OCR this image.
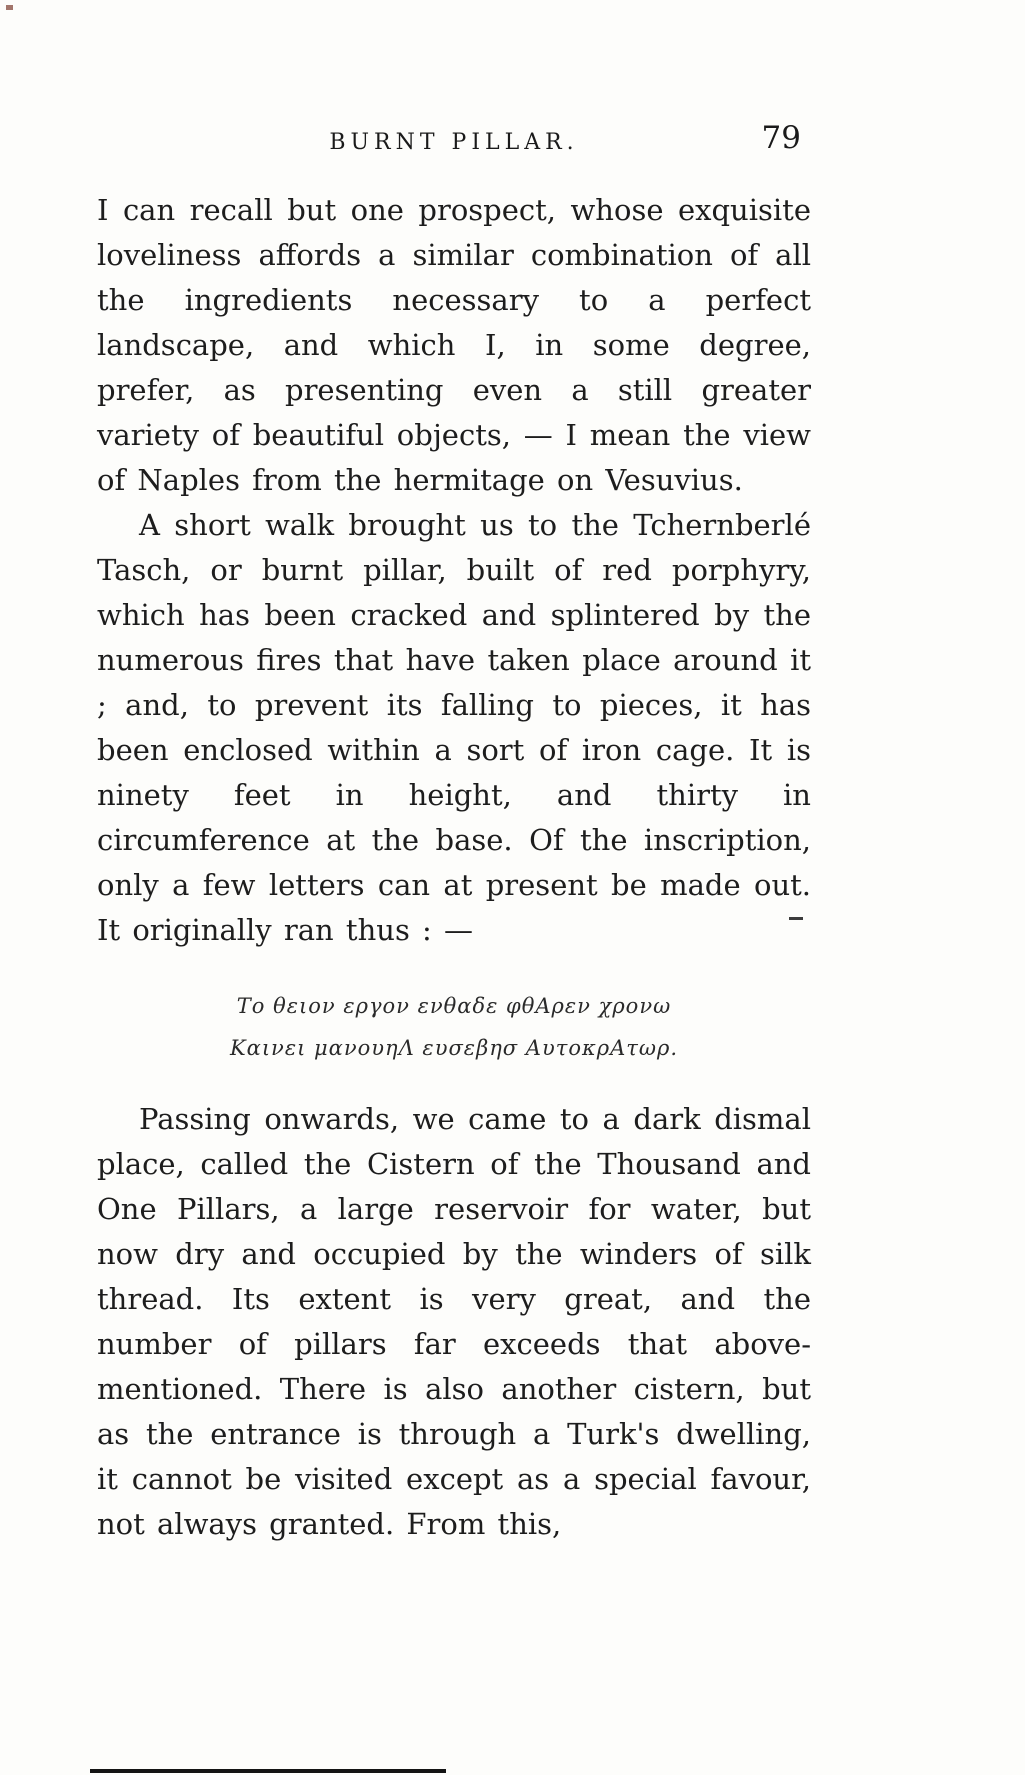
BURNT PILLAR.	79

I can recall but one prospect, whose exquisite loveliness affords a similar combination of all the ingredients necessary to a perfect landscape, and which I, in some degree, prefer, as presenting even a still greater variety of beautiful objects, — I mean the view of Naples from the hermitage on Vesuvius.

A short walk brought us to the Tchernberlé Tasch, or burnt pillar, built of red porphyry, which has been cracked and splintered by the numerous fires that have taken place around it ; and, to prevent its falling to pieces, it has been enclosed within a sort of iron cage. It is ninety feet in height, and thirty in circumference at the base. Of the inscription, only a few letters can at present be made out. It originally ran thus : —

Το θειον εργον ενθαδε φθΑρεν χρονω
Καινει μανουηΛ ευσεβησ ΑυτοκρΑτωρ.

Passing onwards, we came to a dark dismal place, called the Cistern of the Thousand and One Pillars, a large reservoir for water, but now dry and occupied by the winders of silk thread. Its extent is very great, and the number of pillars far exceeds that above-mentioned. There is also another cistern, but as the entrance is through a Turk's dwelling, it cannot be visited except as a special favour, not always granted. From this,
